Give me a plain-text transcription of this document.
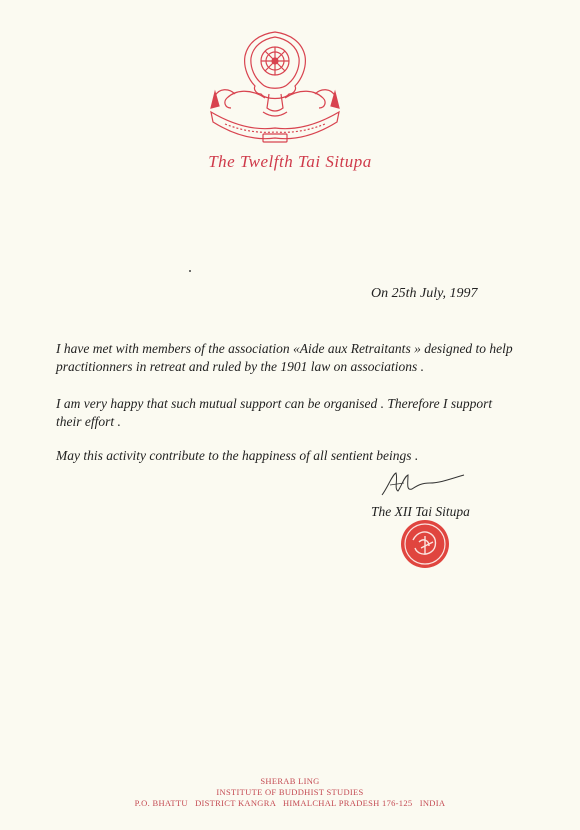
The Twelfth Tai Situpa
On 25th July, 1997
I have met with members of the association «Aide aux Retraitants » designed to help practitionners in retreat and ruled by the 1901 law on associations .
I am very happy that such mutual support can be organised . Therefore I support their effort .
May this activity contribute to the happiness of all sentient beings .
The XII Tai Situpa
SHERAB LING
INSTITUTE OF BUDDHIST STUDIES
P.O. BHATTU   DISTRICT KANGRA   HIMALCHAL PRADESH 176-125   INDIA
